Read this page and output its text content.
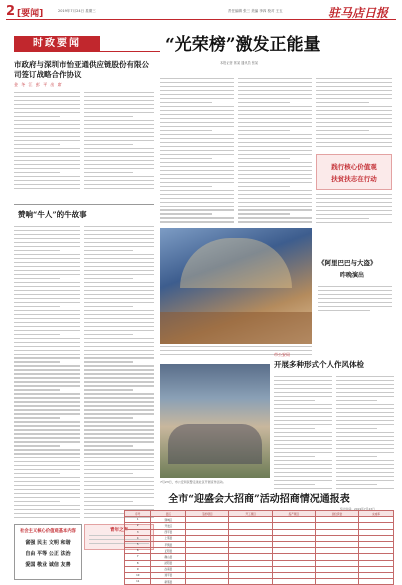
2 [要闻]	2019年7月24日 星期三	责任编辑 张三 美编 李四 校对 王五	驻马店日报
时政要闻	“光荣榜”激发正能量
本报记者 郭某 通讯员 张某
市政府与深圳市怡亚通供应链股份有限公司签订战略合作协议
金 冬 江 彭 平 出 席
赞响“牛人”的牛故事
践行核心价值观
扶贫扶志在行动
《阿里巴巴与大盗》
昨晚演出
7月23日，市公安局民警走进社区开展宣传活动。
市公安局
开展多种形式个人作风体检
青年之声
社会主义核心价值观基本内容
富强 民主 文明 和谐
自由 平等 公正 法治
爱国 敬业 诚信 友善
全市“迎盛会大招商”活动招商情况通报表
统计时间：2019年7月23日
序号	县区	签约项目	开工项目	投产项目	到位资金	完成率
1	驿城区					
2	开发区					
3	西平县					
4	上蔡县					
5	平舆县					
6	正阳县					
7	确山县					
8	泌阳县					
9	汝南县					
10	遂平县					
11	新蔡县					
